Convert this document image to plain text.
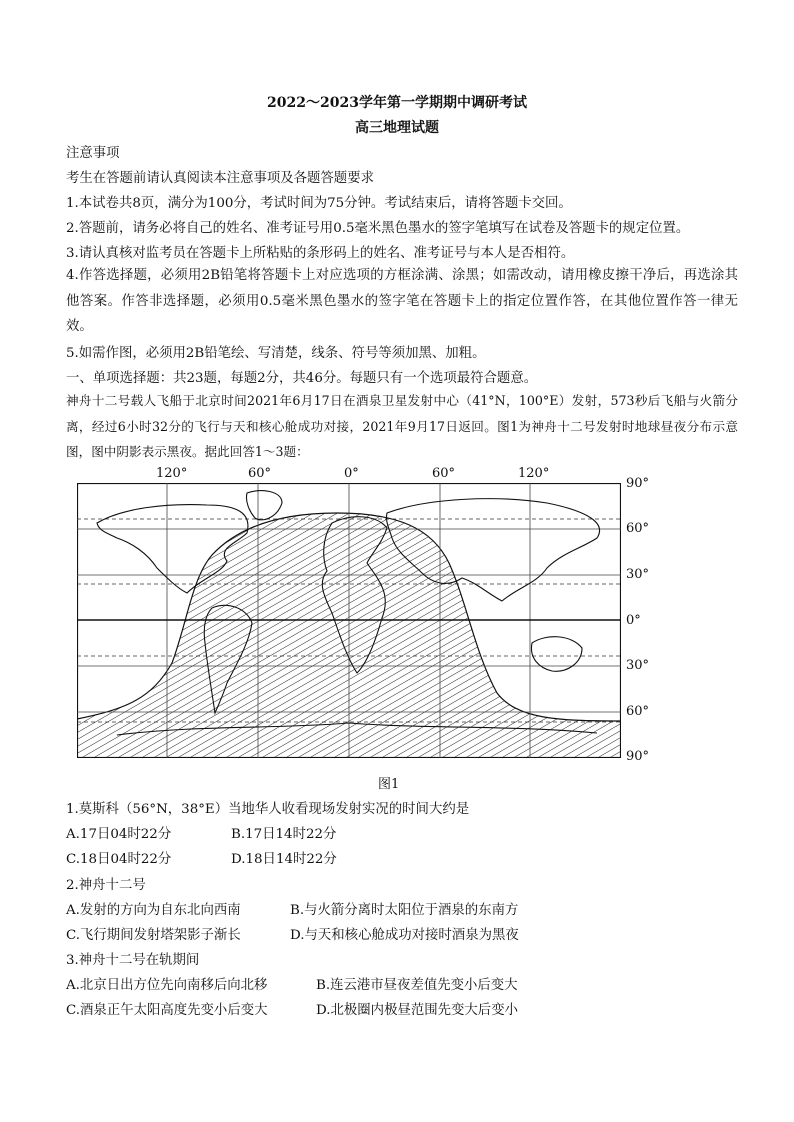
2022～2023学年第一学期期中调研考试
高三地理试题
注意事项
考生在答题前请认真阅读本注意事项及各题答题要求
1.本试卷共8页，满分为100分，考试时间为75分钟。考试结束后，请将答题卡交回。
2.答题前，请务必将自己的姓名、准考证号用0.5毫米黑色墨水的签字笔填写在试卷及答题卡的规定位置。
3.请认真核对监考员在答题卡上所粘贴的条形码上的姓名、准考证号与本人是否相符。
4.作答选择题，必须用2B铅笔将答题卡上对应选项的方框涂满、涂黑；如需改动，请用橡皮擦干净后，再选涂其他答案。作答非选择题，必须用0.5毫米黑色墨水的签字笔在答题卡上的指定位置作答，在其他位置作答一律无效。
5.如需作图，必须用2B铅笔绘、写清楚，线条、符号等须加黑、加粗。
一、单项选择题：共23题，每题2分，共46分。每题只有一个选项最符合题意。
神舟十二号载人飞船于北京时间2021年6月17日在酒泉卫星发射中心（41°N，100°E）发射，573秒后飞船与火箭分离，经过6小时32分的飞行与天和核心舱成功对接，2021年9月17日返回。图1为神舟十二号发射时地球昼夜分布示意图，图中阴影表示黑夜。据此回答1～3题：
120°	60°	0°	60°	120°
90°
60°
30°
0°
30°
60°
90°
图1
1.莫斯科（56°N，38°E）当地华人收看现场发射实况的时间大约是
A.17日04时22分	B.17日14时22分
C.18日04时22分	D.18日14时22分
2.神舟十二号
A.发射的方向为自东北向西南	B.与火箭分离时太阳位于酒泉的东南方
C.飞行期间发射塔架影子渐长	D.与天和核心舱成功对接时酒泉为黑夜
3.神舟十二号在轨期间
A.北京日出方位先向南移后向北移	B.连云港市昼夜差值先变小后变大
C.酒泉正午太阳高度先变小后变大	D.北极圈内极昼范围先变大后变小
